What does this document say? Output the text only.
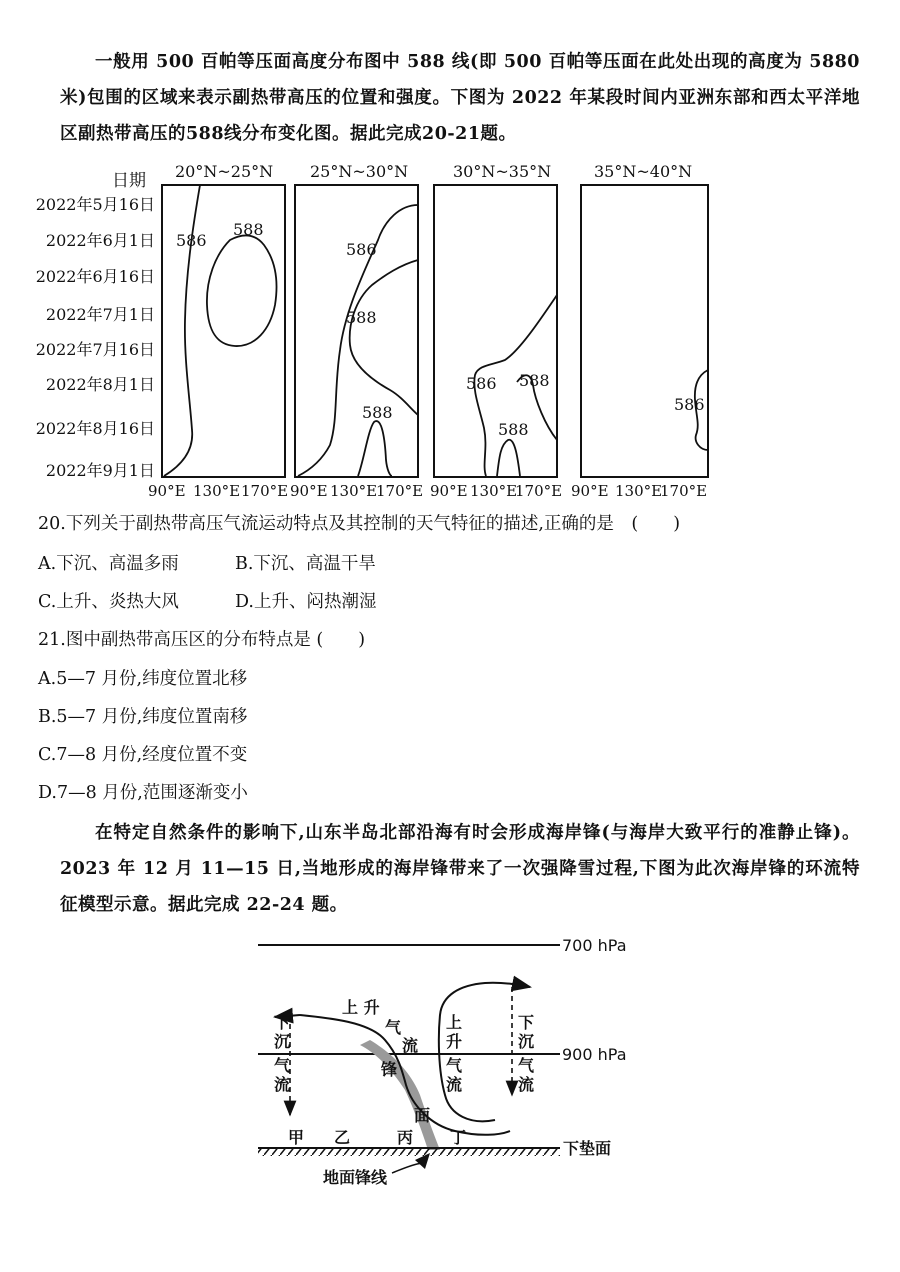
一般用 500 百帕等压面高度分布图中 588 线(即 500 百帕等压面在此处出现的高度为 5880 米)包围的区域来表示副热带高压的位置和强度。下图为 2022 年某段时间内亚洲东部和西太平洋地区副热带高压的588线分布变化图。据此完成20-21题。
2022年5月16日
2022年6月1日
2022年6月16日
2022年7月1日
2022年7月16日
2022年8月1日
2022年8月16日
2022年9月1日
日期 20°N~25°N 25°N~30°N	30°N~35°N	35°N~40°N
586
588
586
588
588
586 588
588
586
90°E 130°E 170°E 90°E 130°E
170°E 90°E 130°E
170°E 90°E 130°E
170°E
20.下列关于副热带高压气流运动特点及其控制的天气特征的描述,正确的是　(　　)
A.下沉、高温多雨	B.下沉、高温干旱
C.上升、炎热大风	D.上升、闷热潮湿
21.图中副热带高压区的分布特点是 (　　)
A.5—7 月份,纬度位置北移
B.5—7 月份,纬度位置南移
C.7—8 月份,经度位置不变
D.7—8 月份,范围逐渐变小
在特定自然条件的影响下,山东半岛北部沿海有时会形成海岸锋(与海岸大致平行的准静止锋)。2023 年 12 月 11—15 日,当地形成的海岸锋带来了一次强降雪过程,下图为此次海岸锋的环流特征模型示意。据此完成 22-24 题。
700 hPa
900 hPa
下
沉
气
流
下
沉
气
流
上
升
气
流
上 升
气
流
锋
面
甲 乙	丙 丁
下垫面
地面锋线
